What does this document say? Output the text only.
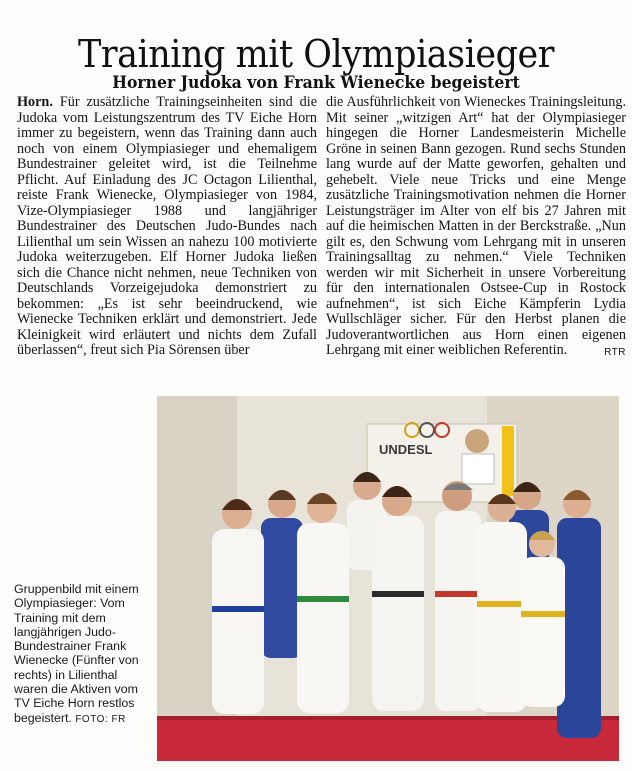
Training mit Olympiasieger
Horner Judoka von Frank Wienecke begeistert

Horn. Für zusätzliche Trainingseinheiten sind die Judoka vom Leistungszentrum des TV Eiche Horn immer zu begeistern, wenn das Training dann auch noch von einem Olympiasieger und ehemaligem Bundestrainer geleitet wird, ist die Teilnehme Pflicht. Auf Einladung des JC Octagon Lilienthal, reiste Frank Wienecke, Olympiasieger von 1984, Vize-Olympiasieger 1988 und langjähriger Bundestrainer des Deutschen Judo-Bundes nach Lilienthal um sein Wissen an nahezu 100 motivierte Judoka weiterzugeben. Elf Horner Judoka ließen sich die Chance nicht nehmen, neue Techniken von Deutschlands Vorzeigejudoka demonstriert zu bekommen: „Es ist sehr beeindruckend, wie Wienecke Techniken erklärt und demonstriert. Jede Kleinigkeit wird erläutert und nichts dem Zufall überlassen“, freut sich Pia Sörensen über

die Ausführlichkeit von Wieneckes Trainingsleitung. Mit seiner „witzigen Art“ hat der Olympiasieger hingegen die Horner Landesmeisterin Michelle Gröne in seinen Bann gezogen. Rund sechs Stunden lang wurde auf der Matte geworfen, gehalten und gehebelt. Viele neue Tricks und eine Menge zusätzliche Trainingsmotivation nehmen die Horner Leistungsträger im Alter von elf bis 27 Jahren mit auf die heimischen Matten in der Berckstraße. „Nun gilt es, den Schwung vom Lehrgang mit in unseren Trainingsalltag zu nehmen.“ Viele Techniken werden wir mit Sicherheit in unsere Vorbereitung für den internationalen Ostsee-Cup in Rostock aufnehmen“, ist sich Eiche Kämpferin Lydia Wullschläger sicher. Für den Herbst planen die Judoverantwortlichen aus Horn einen eigenen Lehrgang mit einer weiblichen Referentin.	RTR

Gruppenbild mit einem Olympiasieger: Vom Training mit dem langjährigen Judo-Bundestrainer Frank Wienecke (Fünfter von rechts) in Lilienthal waren die Aktiven vom TV Eiche Horn restlos begeistert. FOTO: FR
UNDESL
